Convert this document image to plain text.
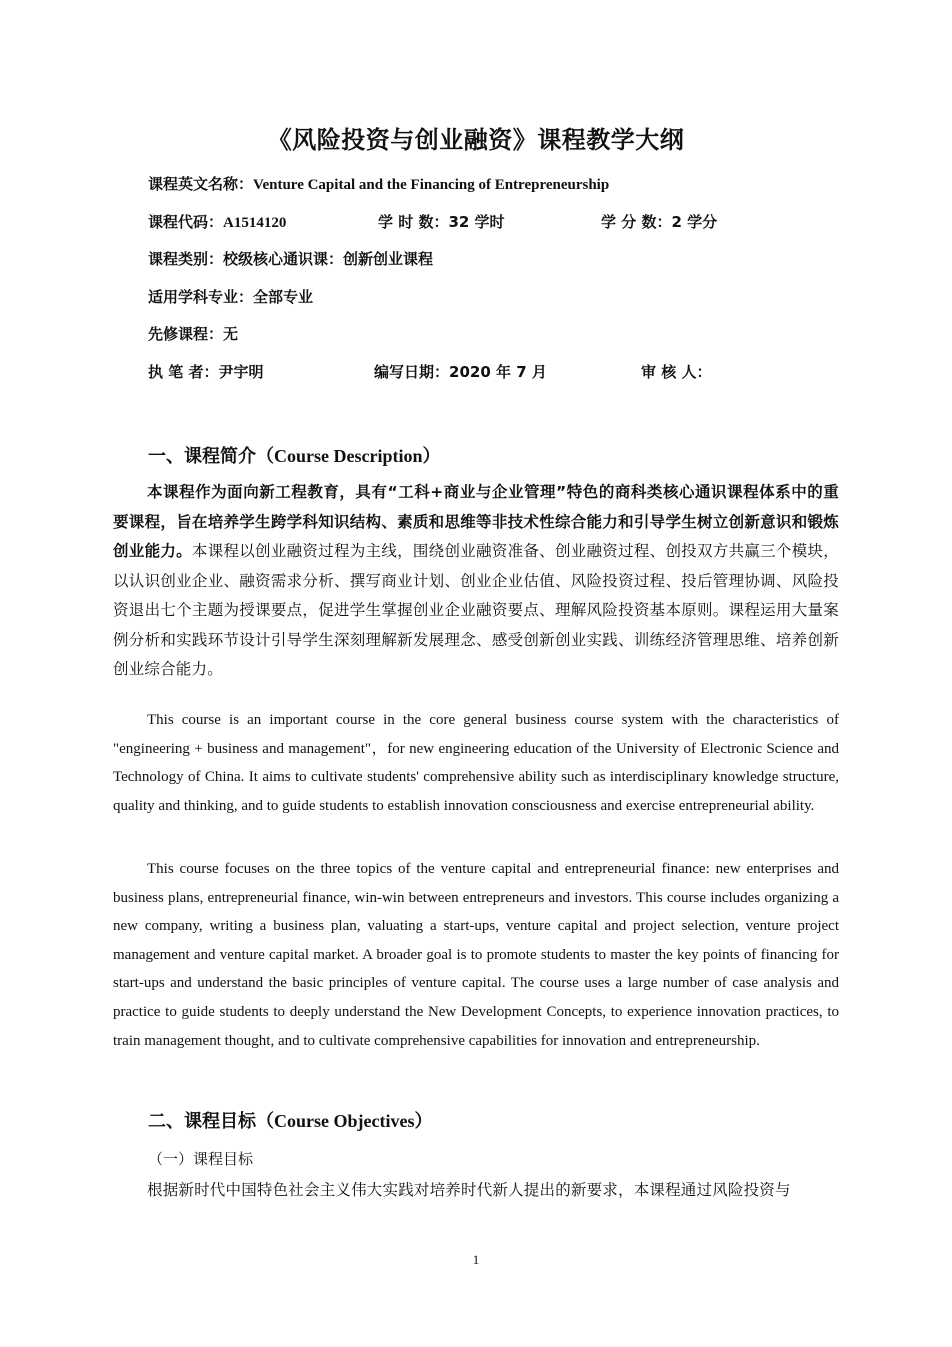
《风险投资与创业融资》课程教学大纲
课程英文名称：Venture Capital and the Financing of Entrepreneurship
课程代码：A1514120	学 时 数：32 学时	学 分 数：2 学分
课程类别：校级核心通识课：创新创业课程
适用学科专业：全部专业
先修课程：无
执 笔 者：尹宇明	编写日期：2020 年 7 月	审 核 人：
一、课程简介（Course Description）
本课程作为面向新工程教育，具有“工科+商业与企业管理”特色的商科类核心通识课程体系中的重要课程，旨在培养学生跨学科知识结构、素质和思维等非技术性综合能力和引导学生树立创新意识和锻炼创业能力。本课程以创业融资过程为主线，围绕创业融资准备、创业融资过程、创投双方共赢三个模块，以认识创业企业、融资需求分析、撰写商业计划、创业企业估值、风险投资过程、投后管理协调、风险投资退出七个主题为授课要点，促进学生掌握创业企业融资要点、理解风险投资基本原则。课程运用大量案例分析和实践环节设计引导学生深刻理解新发展理念、感受创新创业实践、训练经济管理思维、培养创新创业综合能力。
This course is an important course in the core general business course system with the characteristics of "engineering + business and management"，for new engineering education of the University of Electronic Science and Technology of China. It aims to cultivate students' comprehensive ability such as interdisciplinary knowledge structure, quality and thinking, and to guide students to establish innovation consciousness and exercise entrepreneurial ability.
This course focuses on the three topics of the venture capital and entrepreneurial finance: new enterprises and business plans, entrepreneurial finance, win-win between entrepreneurs and investors. This course includes organizing a new company, writing a business plan, valuating a start-ups, venture capital and project selection, venture project management and venture capital market. A broader goal is to promote students to master the key points of financing for start-ups and understand the basic principles of venture capital. The course uses a large number of case analysis and practice to guide students to deeply understand the New Development Concepts, to experience innovation practices, to train management thought, and to cultivate comprehensive capabilities for innovation and entrepreneurship.
二、课程目标（Course Objectives）
（一）课程目标
根据新时代中国特色社会主义伟大实践对培养时代新人提出的新要求，本课程通过风险投资与
1
